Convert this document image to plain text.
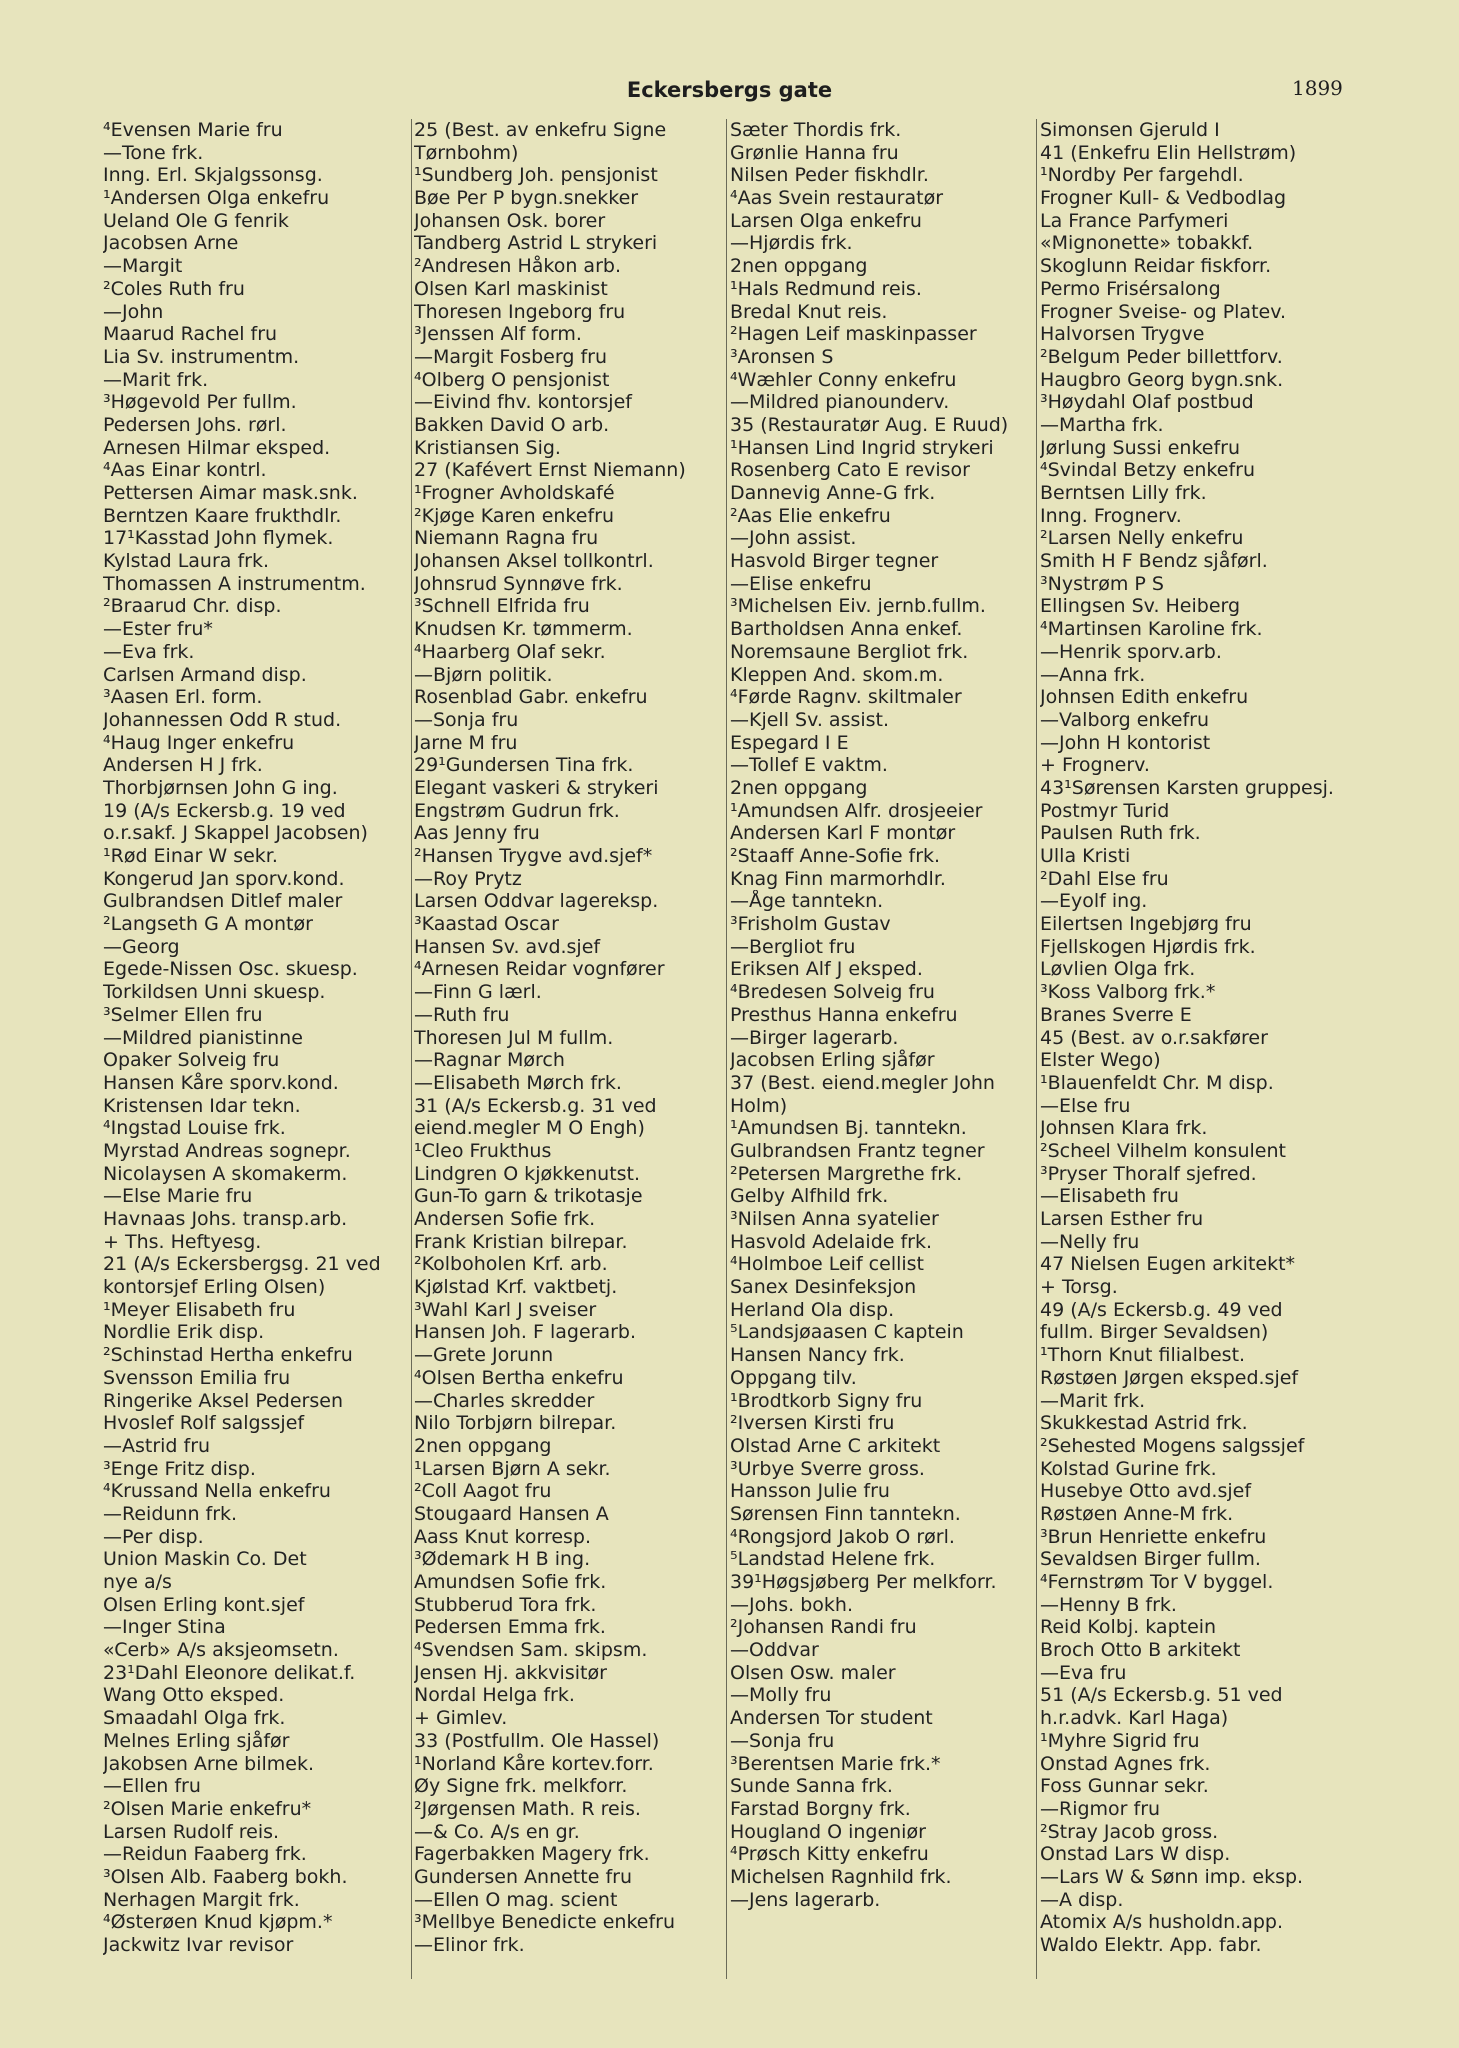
Eckersbergs gate	1899
⁴Evensen Marie fru
—Tone frk.
Inng. Erl. Skjalgssonsg.
¹Andersen Olga enkefru
Ueland Ole G fenrik
Jacobsen Arne
—Margit
²Coles Ruth fru
—John
Maarud Rachel fru
Lia Sv. instrumentm.
—Marit frk.
³Høgevold Per fullm.
Pedersen Johs. rørl.
Arnesen Hilmar eksped.
⁴Aas Einar kontrl.
Pettersen Aimar mask.snk.
Berntzen Kaare frukthdlr.
17¹Kasstad John flymek.
Kylstad Laura frk.
Thomassen A instrumentm.
²Braarud Chr. disp.
—Ester fru*
—Eva frk.
Carlsen Armand disp.
³Aasen Erl. form.
Johannessen Odd R stud.
⁴Haug Inger enkefru
Andersen H J frk.
Thorbjørnsen John G ing.
19 (A/s Eckersb.g. 19 ved
o.r.sakf. J Skappel Jacobsen)
¹Rød Einar W sekr.
Kongerud Jan sporv.kond.
Gulbrandsen Ditlef maler
²Langseth G A montør
—Georg
Egede-Nissen Osc. skuesp.
Torkildsen Unni skuesp.
³Selmer Ellen fru
—Mildred pianistinne
Opaker Solveig fru
Hansen Kåre sporv.kond.
Kristensen Idar tekn.
⁴Ingstad Louise frk.
Myrstad Andreas sognepr.
Nicolaysen A skomakerm.
—Else Marie fru
Havnaas Johs. transp.arb.
+ Ths. Heftyesg.
21 (A/s Eckersbergsg. 21 ved
kontorsjef Erling Olsen)
¹Meyer Elisabeth fru
Nordlie Erik disp.
²Schinstad Hertha enkefru
Svensson Emilia fru
Ringerike Aksel Pedersen
Hvoslef Rolf salgssjef
—Astrid fru
³Enge Fritz disp.
⁴Krussand Nella enkefru
—Reidunn frk.
—Per disp.
Union Maskin Co. Det
nye a/s
Olsen Erling kont.sjef
—Inger Stina
«Cerb» A/s aksjeomsetn.
23¹Dahl Eleonore delikat.f.
Wang Otto eksped.
Smaadahl Olga frk.
Melnes Erling sjåfør
Jakobsen Arne bilmek.
—Ellen fru
²Olsen Marie enkefru*
Larsen Rudolf reis.
—Reidun Faaberg frk.
³Olsen Alb. Faaberg bokh.
Nerhagen Margit frk.
⁴Østerøen Knud kjøpm.*
Jackwitz Ivar revisor
25 (Best. av enkefru Signe
Tørnbohm)
¹Sundberg Joh. pensjonist
Bøe Per P bygn.snekker
Johansen Osk. borer
Tandberg Astrid L strykeri
²Andresen Håkon arb.
Olsen Karl maskinist
Thoresen Ingeborg fru
³Jenssen Alf form.
—Margit Fosberg fru
⁴Olberg O pensjonist
—Eivind fhv. kontorsjef
Bakken David O arb.
Kristiansen Sig.
27 (Kafévert Ernst Niemann)
¹Frogner Avholdskafé
²Kjøge Karen enkefru
Niemann Ragna fru
Johansen Aksel tollkontrl.
Johnsrud Synnøve frk.
³Schnell Elfrida fru
Knudsen Kr. tømmerm.
⁴Haarberg Olaf sekr.
—Bjørn politik.
Rosenblad Gabr. enkefru
—Sonja fru
Jarne M fru
29¹Gundersen Tina frk.
Elegant vaskeri & strykeri
Engstrøm Gudrun frk.
Aas Jenny fru
²Hansen Trygve avd.sjef*
—Roy Prytz
Larsen Oddvar lagereksp.
³Kaastad Oscar
Hansen Sv. avd.sjef
⁴Arnesen Reidar vognfører
—Finn G lærl.
—Ruth fru
Thoresen Jul M fullm.
—Ragnar Mørch
—Elisabeth Mørch frk.
31 (A/s Eckersb.g. 31 ved
eiend.megler M O Engh)
¹Cleo Frukthus
Lindgren O kjøkkenutst.
Gun-To garn & trikotasje
Andersen Sofie frk.
Frank Kristian bilrepar.
²Kolboholen Krf. arb.
Kjølstad Krf. vaktbetj.
³Wahl Karl J sveiser
Hansen Joh. F lagerarb.
—Grete Jorunn
⁴Olsen Bertha enkefru
—Charles skredder
Nilo Torbjørn bilrepar.
2nen oppgang
¹Larsen Bjørn A sekr.
²Coll Aagot fru
Stougaard Hansen A
Aass Knut korresp.
³Ødemark H B ing.
Amundsen Sofie frk.
Stubberud Tora frk.
Pedersen Emma frk.
⁴Svendsen Sam. skipsm.
Jensen Hj. akkvisitør
Nordal Helga frk.
+ Gimlev.
33 (Postfullm. Ole Hassel)
¹Norland Kåre kortev.forr.
Øy Signe frk. melkforr.
²Jørgensen Math. R reis.
—& Co. A/s en gr.
Fagerbakken Magery frk.
Gundersen Annette fru
—Ellen O mag. scient
³Mellbye Benedicte enkefru
—Elinor frk.
Sæter Thordis frk.
Grønlie Hanna fru
Nilsen Peder fiskhdlr.
⁴Aas Svein restauratør
Larsen Olga enkefru
—Hjørdis frk.
2nen oppgang
¹Hals Redmund reis.
Bredal Knut reis.
²Hagen Leif maskinpasser
³Aronsen S
⁴Wæhler Conny enkefru
—Mildred pianounderv.
35 (Restauratør Aug. E Ruud)
¹Hansen Lind Ingrid strykeri
Rosenberg Cato E revisor
Dannevig Anne-G frk.
²Aas Elie enkefru
—John assist.
Hasvold Birger tegner
—Elise enkefru
³Michelsen Eiv. jernb.fullm.
Bartholdsen Anna enkef.
Noremsaune Bergliot frk.
Kleppen And. skom.m.
⁴Førde Ragnv. skiltmaler
—Kjell Sv. assist.
Espegard I E
—Tollef E vaktm.
2nen oppgang
¹Amundsen Alfr. drosjeeier
Andersen Karl F montør
²Staaff Anne-Sofie frk.
Knag Finn marmorhdlr.
—Åge tanntekn.
³Frisholm Gustav
—Bergliot fru
Eriksen Alf J eksped.
⁴Bredesen Solveig fru
Presthus Hanna enkefru
—Birger lagerarb.
Jacobsen Erling sjåfør
37 (Best. eiend.megler John
Holm)
¹Amundsen Bj. tanntekn.
Gulbrandsen Frantz tegner
²Petersen Margrethe frk.
Gelby Alfhild frk.
³Nilsen Anna syatelier
Hasvold Adelaide frk.
⁴Holmboe Leif cellist
Sanex Desinfeksjon
Herland Ola disp.
⁵Landsjøaasen C kaptein
Hansen Nancy frk.
Oppgang tilv.
¹Brodtkorb Signy fru
²Iversen Kirsti fru
Olstad Arne C arkitekt
³Urbye Sverre gross.
Hansson Julie fru
Sørensen Finn tanntekn.
⁴Rongsjord Jakob O rørl.
⁵Landstad Helene frk.
39¹Høgsjøberg Per melkforr.
—Johs. bokh.
²Johansen Randi fru
—Oddvar
Olsen Osw. maler
—Molly fru
Andersen Tor student
—Sonja fru
³Berentsen Marie frk.*
Sunde Sanna frk.
Farstad Borgny frk.
Hougland O ingeniør
⁴Prøsch Kitty enkefru
Michelsen Ragnhild frk.
—Jens lagerarb.
Simonsen Gjeruld I
41 (Enkefru Elin Hellstrøm)
¹Nordby Per fargehdl.
Frogner Kull- & Vedbodlag
La France Parfymeri
«Mignonette» tobakkf.
Skoglunn Reidar fiskforr.
Permo Frisérsalong
Frogner Sveise- og Platev.
Halvorsen Trygve
²Belgum Peder billettforv.
Haugbro Georg bygn.snk.
³Høydahl Olaf postbud
—Martha frk.
Jørlung Sussi enkefru
⁴Svindal Betzy enkefru
Berntsen Lilly frk.
Inng. Frognerv.
²Larsen Nelly enkefru
Smith H F Bendz sjåførl.
³Nystrøm P S
Ellingsen Sv. Heiberg
⁴Martinsen Karoline frk.
—Henrik sporv.arb.
—Anna frk.
Johnsen Edith enkefru
—Valborg enkefru
—John H kontorist
+ Frognerv.
43¹Sørensen Karsten gruppesj.
Postmyr Turid
Paulsen Ruth frk.
Ulla Kristi
²Dahl Else fru
—Eyolf ing.
Eilertsen Ingebjørg fru
Fjellskogen Hjørdis frk.
Løvlien Olga frk.
³Koss Valborg frk.*
Branes Sverre E
45 (Best. av o.r.sakfører
Elster Wego)
¹Blauenfeldt Chr. M disp.
—Else fru
Johnsen Klara frk.
²Scheel Vilhelm konsulent
³Pryser Thoralf sjefred.
—Elisabeth fru
Larsen Esther fru
—Nelly fru
47 Nielsen Eugen arkitekt*
+ Torsg.
49 (A/s Eckersb.g. 49 ved
fullm. Birger Sevaldsen)
¹Thorn Knut filialbest.
Røstøen Jørgen eksped.sjef
—Marit frk.
Skukkestad Astrid frk.
²Sehested Mogens salgssjef
Kolstad Gurine frk.
Husebye Otto avd.sjef
Røstøen Anne-M frk.
³Brun Henriette enkefru
Sevaldsen Birger fullm.
⁴Fernstrøm Tor V byggel.
—Henny B frk.
Reid Kolbj. kaptein
Broch Otto B arkitekt
—Eva fru
51 (A/s Eckersb.g. 51 ved
h.r.advk. Karl Haga)
¹Myhre Sigrid fru
Onstad Agnes frk.
Foss Gunnar sekr.
—Rigmor fru
²Stray Jacob gross.
Onstad Lars W disp.
—Lars W & Sønn imp. eksp.
—A disp.
Atomix A/s husholdn.app.
Waldo Elektr. App. fabr.
